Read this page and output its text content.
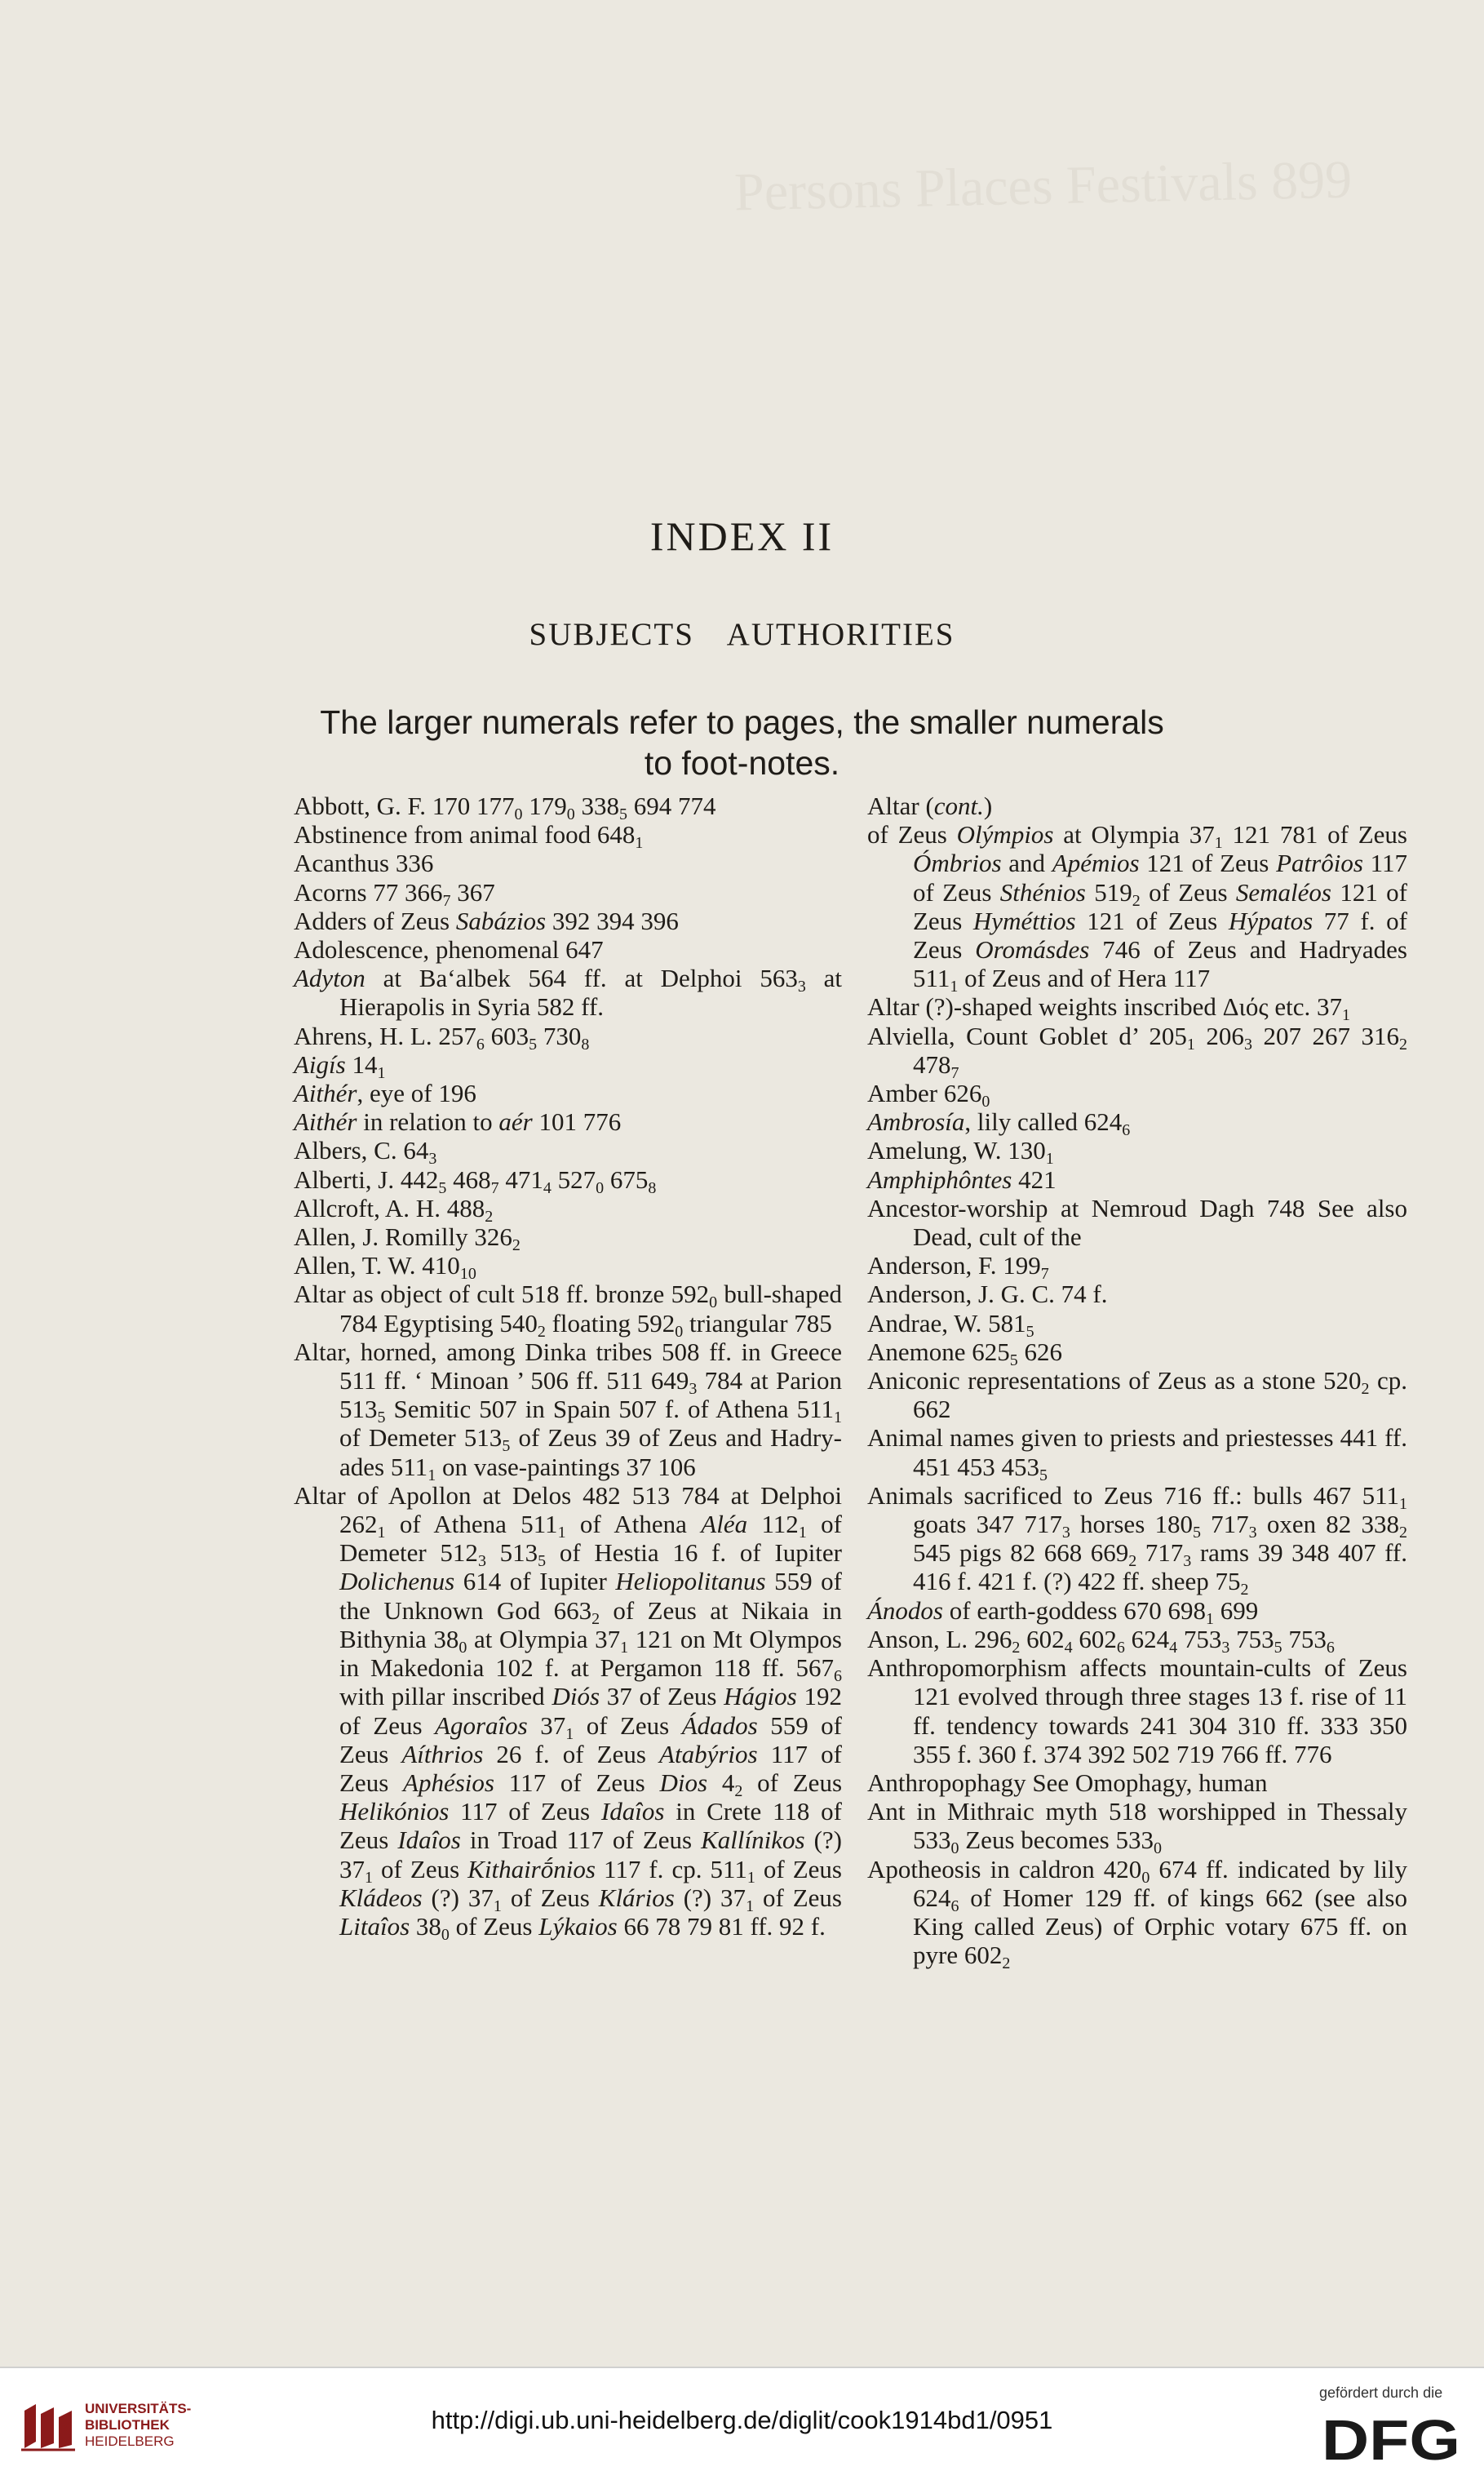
Persons Places Festivals 899
INDEX II
SUBJECTS AUTHORITIES
The larger numerals refer to pages, the smaller numerals
to foot-notes.
Abbott, G. F. 170 $177_0$ $179_0$ $338_5$ 694 774
Abstinence from animal food $648_1$
Acanthus 336
Acorns 77 $366_7$ 367
Adders of Zeus Sabázios 392 394 396
Adolescence, phenomenal 647
Adyton at Ba‘albek 564 ff. at Delphoi $563_3$ at Hierapolis in Syria 582 ff.
Ahrens, H. L. $257_6$ $603_5$ $730_8$
Aigís $14_1$
Aithér, eye of 196
Aithér in relation to aér 101 776
Albers, C. $64_3$
Alberti, J. $442_5$ $468_7$ $471_4$ $527_0$ $675_8$
Allcroft, A. H. $488_2$
Allen, J. Romilly $326_2$
Allen, T. W. $410_{10}$
Altar as object of cult 518 ff. bronze $592_0$ bull-shaped 784 Egyptising $540_2$ floating $592_0$ triangular 785
Altar, horned, among Dinka tribes 508 ff. in Greece 511 ff. ‘ Minoan ’ 506 ff. 511 $649_3$ 784 at Parion $513_5$ Semitic 507 in Spain 507 f. of Athena $511_1$ of Demeter $513_5$ of Zeus 39 of Zeus and Hadryades $511_1$ on vase-paintings 37 106
Altar of Apollon at Delos 482 513 784 at Delphoi $262_1$ of Athena $511_1$ of Athena Aléa $112_1$ of Demeter $512_3$ $513_5$ of Hestia 16 f. of Iupiter Dolichenus 614 of Iupiter Heliopolitanus 559 of the Unknown God $663_2$ of Zeus at Nikaia in Bithynia $38_0$ at Olympia $37_1$ 121 on Mt Olympos in Makedonia 102 f. at Pergamon 118 ff. $567_6$ with pillar inscribed Diós 37 of Zeus Hágios 192 of Zeus Agoraîos $37_1$ of Zeus Ádados 559 of Zeus Aíthrios 26 f. of Zeus Atabýrios 117 of Zeus Aphésios 117 of Zeus Dios $4_2$ of Zeus Helikónios 117 of Zeus Idaîos in Crete 118 of Zeus Idaîos in Troad 117 of Zeus Kallínikos (?) $37_1$ of Zeus Kithairṓnios 117 f. cp. $511_1$ of Zeus Kládeos (?) $37_1$ of Zeus Klários (?) $37_1$ of Zeus Litaîos $38_0$ of Zeus Lýkaios 66 78 79 81 ff. 92 f.
Altar (cont.)
of Zeus Olýmpios at Olympia $37_1$ 121 781 of Zeus Ómbrios and Apémios 121 of Zeus Patrôios 117 of Zeus Sthénios $519_2$ of Zeus Semaléos 121 of Zeus Hyméttios 121 of Zeus Hýpatos 77 f. of Zeus Oromásdes 746 of Zeus and Hadryades $511_1$ of Zeus and of Hera 117
Altar (?)-shaped weights inscribed Διός etc. $37_1$
Alviella, Count Goblet d’ $205_1$ $206_3$ 207 267 $316_2$ $478_7$
Amber $626_0$
Ambrosía, lily called $624_6$
Amelung, W. $130_1$
Amphiphôntes 421
Ancestor-worship at Nemroud Dagh 748 See also Dead, cult of the
Anderson, F. $199_7$
Anderson, J. G. C. 74 f.
Andrae, W. $581_5$
Anemone $625_5$ 626
Aniconic representations of Zeus as a stone $520_2$ cp. 662
Animal names given to priests and priestesses 441 ff. 451 453 $453_5$
Animals sacrificed to Zeus 716 ff.: bulls 467 $511_1$ goats 347 $717_3$ horses $180_5$ $717_3$ oxen 82 $338_2$ 545 pigs 82 668 $669_2$ $717_3$ rams 39 348 407 ff. 416 f. 421 f. (?) 422 ff. sheep $75_2$
Ánodos of earth-goddess 670 $698_1$ 699
Anson, L. $296_2$ $602_4$ $602_6$ $624_4$ $753_3$ $753_5$ $753_6$
Anthropomorphism affects mountain-cults of Zeus 121 evolved through three stages 13 f. rise of 11 ff. tendency towards 241 304 310 ff. 333 350 355 f. 360 f. 374 392 502 719 766 ff. 776
Anthropophagy See Omophagy, human
Ant in Mithraic myth 518 worshipped in Thessaly $533_0$ Zeus becomes $533_0$
Apotheosis in caldron $420_0$ 674 ff. indicated by lily $624_6$ of Homer 129 ff. of kings 662 (see also King called Zeus) of Orphic votary 675 ff. on pyre $602_2$
UNIVERSITÄTS-
BIBLIOTHEK
HEIDELBERG
http://digi.ub.uni-heidelberg.de/diglit/cook1914bd1/0951
gefördert durch die
DFG
